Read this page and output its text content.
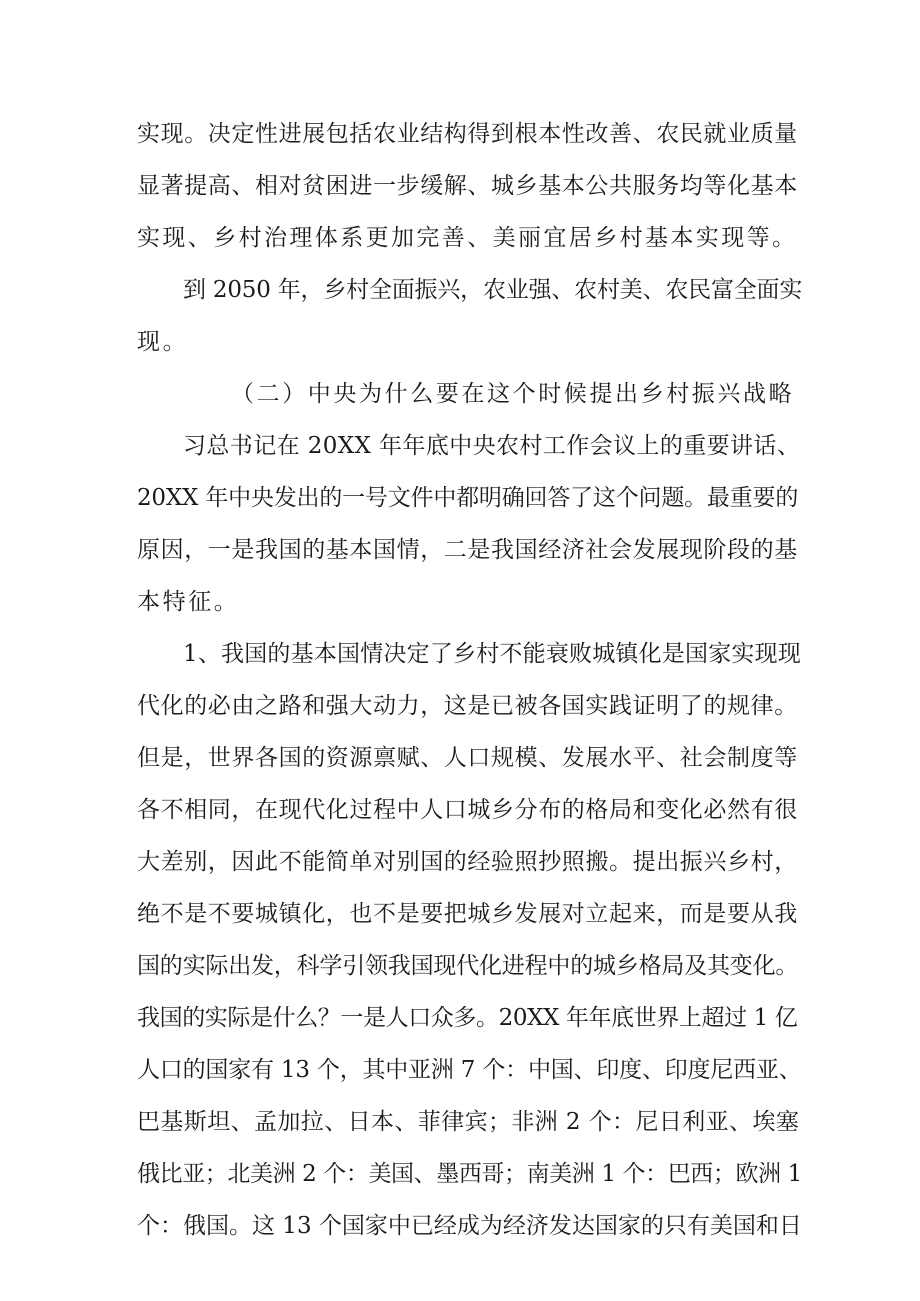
实现。决定性进展包括农业结构得到根本性改善、农民就业质量
显著提高、相对贫困进一步缓解、城乡基本公共服务均等化基本
实现、乡村治理体系更加完善、美丽宜居乡村基本实现等。
到 2050 年，乡村全面振兴，农业强、农村美、农民富全面实
现。
（二）中央为什么要在这个时候提出乡村振兴战略
习总书记在 20XX 年年底中央农村工作会议上的重要讲话、
20XX 年中央发出的一号文件中都明确回答了这个问题。最重要的
原因，一是我国的基本国情，二是我国经济社会发展现阶段的基
本特征。
1、我国的基本国情决定了乡村不能衰败城镇化是国家实现现
代化的必由之路和强大动力，这是已被各国实践证明了的规律。
但是，世界各国的资源禀赋、人口规模、发展水平、社会制度等
各不相同，在现代化过程中人口城乡分布的格局和变化必然有很
大差别，因此不能简单对别国的经验照抄照搬。提出振兴乡村，
绝不是不要城镇化，也不是要把城乡发展对立起来，而是要从我
国的实际出发，科学引领我国现代化进程中的城乡格局及其变化。
我国的实际是什么？一是人口众多。20XX 年年底世界上超过 1 亿
人口的国家有 13 个，其中亚洲 7 个：中国、印度、印度尼西亚、
巴基斯坦、孟加拉、日本、菲律宾；非洲 2 个：尼日利亚、埃塞
俄比亚；北美洲 2 个：美国、墨西哥；南美洲 1 个：巴西；欧洲 1
个：俄国。这 13 个国家中已经成为经济发达国家的只有美国和日
